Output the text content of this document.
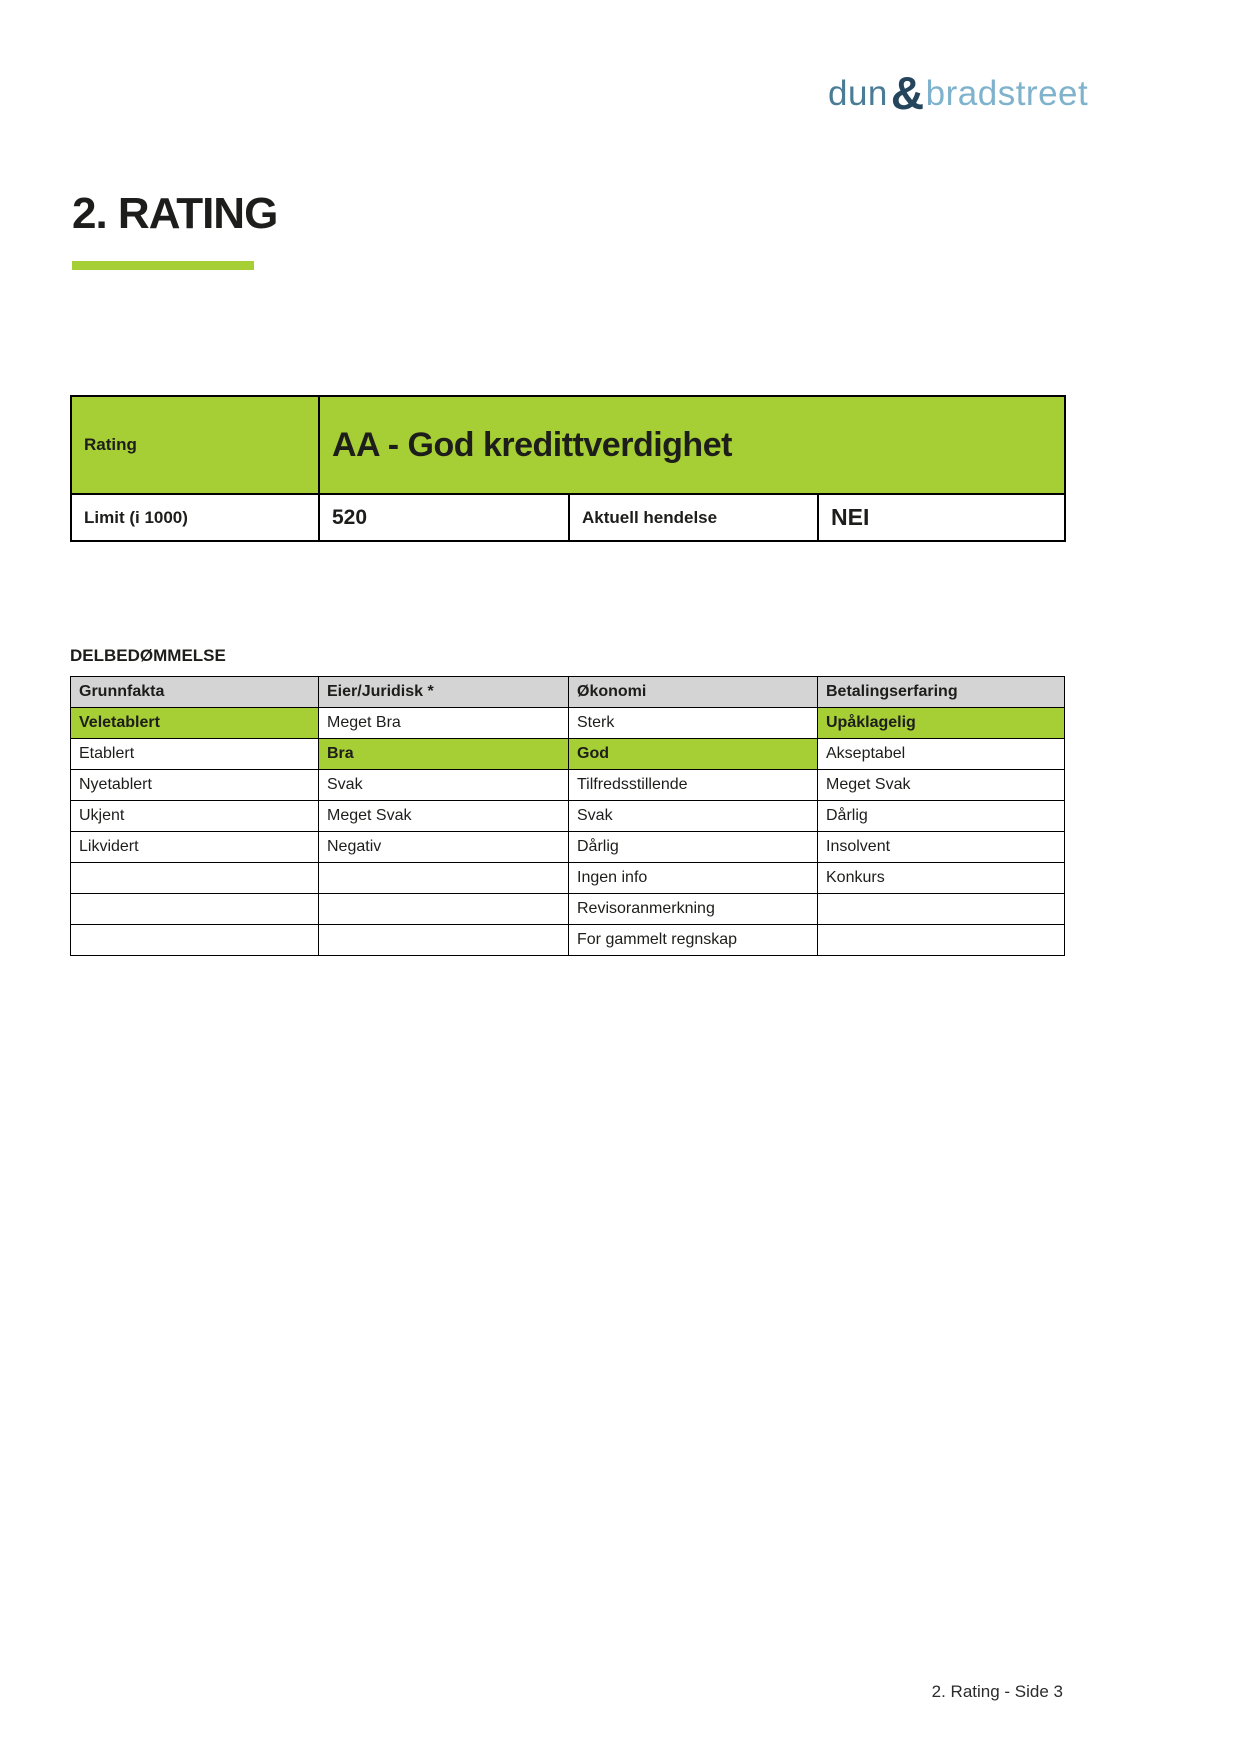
dun&bradstreet
2. RATING
Rating	AA - God kredittverdighet		
Limit (i 1000)	520	Aktuell hendelse	NEI
DELBEDØMMELSE
Grunnfakta	Eier/Juridisk *	Økonomi	Betalingserfaring
Veletablert	Meget Bra	Sterk	Upåklagelig
Etablert	Bra	God	Akseptabel
Nyetablert	Svak	Tilfredsstillende	Meget Svak
Ukjent	Meget Svak	Svak	Dårlig
Likvidert	Negativ	Dårlig	Insolvent
		Ingen info	Konkurs
		Revisoranmerkning	
		For gammelt regnskap	
2. Rating - Side 3
